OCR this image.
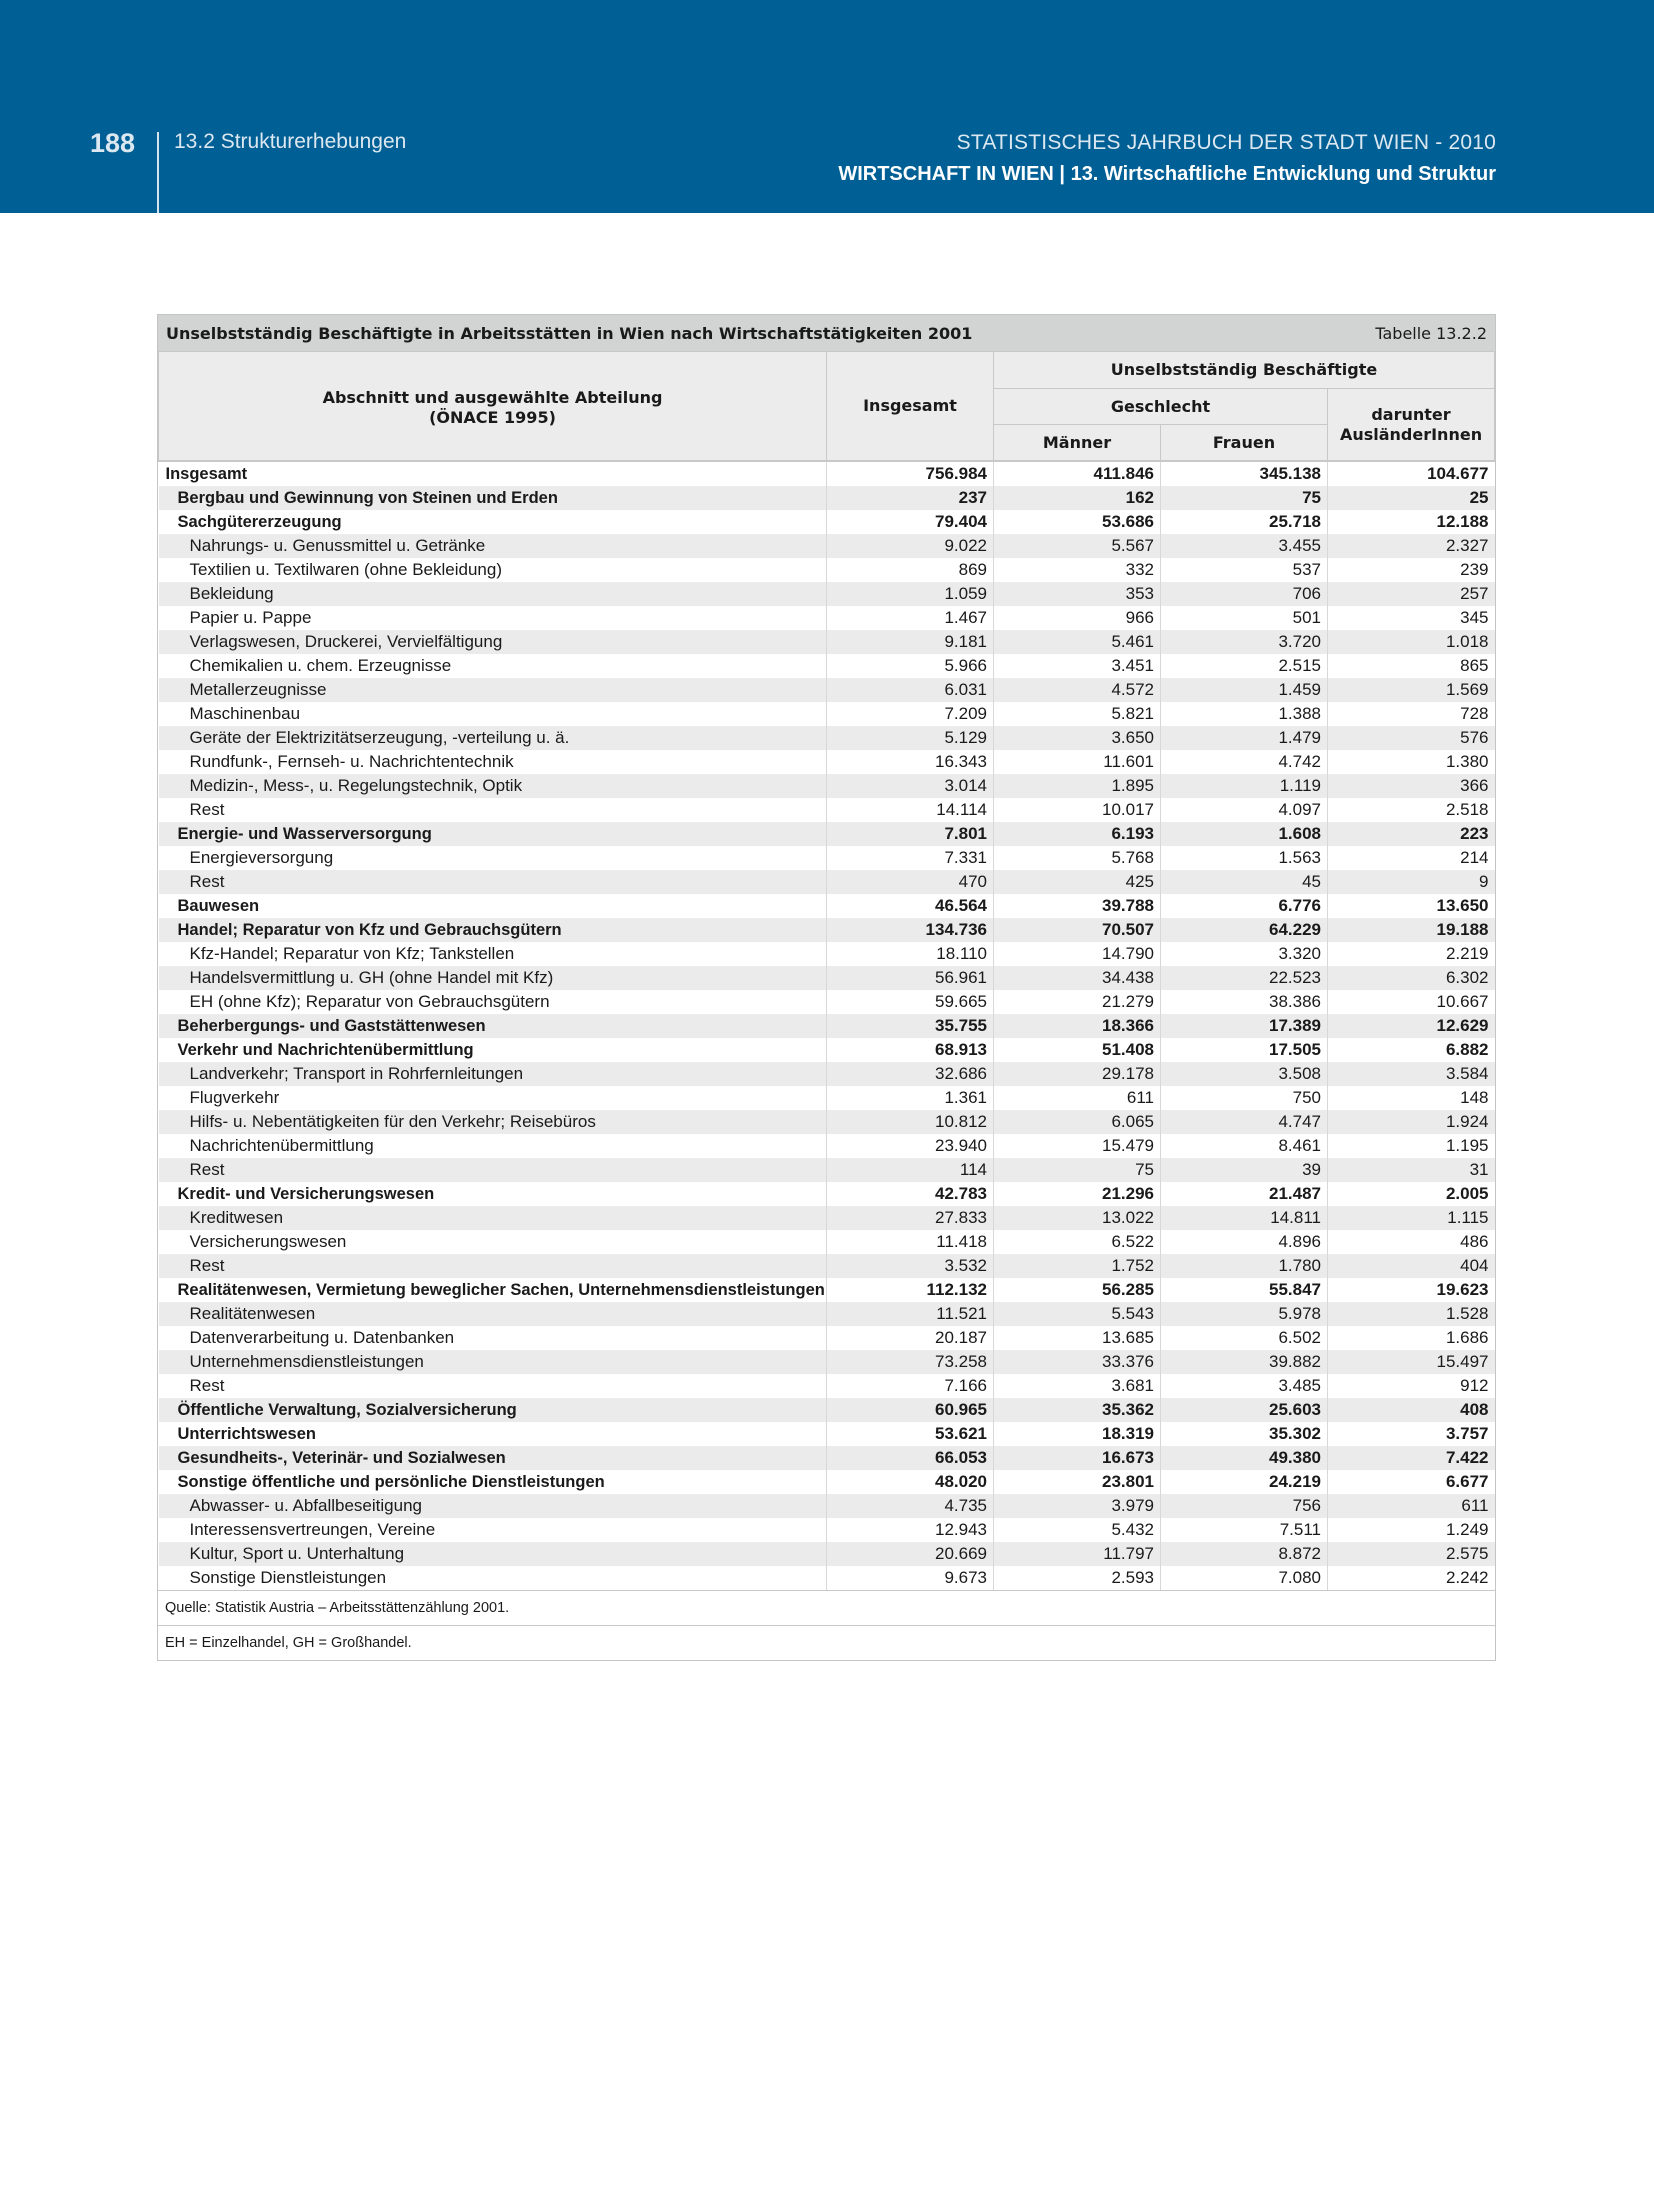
188 13.2 Strukturerhebungen	STATISTISCHES JAHRBUCH DER STADT WIEN - 2010
WIRTSCHAFT IN WIEN | 13. Wirtschaftliche Entwicklung und Struktur
Unselbstständig Beschäftigte in Arbeitsstätten in Wien nach Wirtschaftstätigkeiten 2001	Tabelle 13.2.2
Abschnitt und ausgewählte Abteilung
(ÖNACE 1995)	Insgesamt	Unselbstständig Beschäftigte		
		Geschlecht		darunter
AusländerInnen
		Männer	Frauen	
Insgesamt	756.984	411.846	345.138	104.677
Bergbau und Gewinnung von Steinen und Erden	237	162	75	25
Sachgütererzeugung	79.404	53.686	25.718	12.188
Nahrungs- u. Genussmittel u. Getränke	9.022	5.567	3.455	2.327
Textilien u. Textilwaren (ohne Bekleidung)	869	332	537	239
Bekleidung	1.059	353	706	257
Papier u. Pappe	1.467	966	501	345
Verlagswesen, Druckerei, Vervielfältigung	9.181	5.461	3.720	1.018
Chemikalien u. chem. Erzeugnisse	5.966	3.451	2.515	865
Metallerzeugnisse	6.031	4.572	1.459	1.569
Maschinenbau	7.209	5.821	1.388	728
Geräte der Elektrizitätserzeugung, -verteilung u. ä.	5.129	3.650	1.479	576
Rundfunk-, Fernseh- u. Nachrichtentechnik	16.343	11.601	4.742	1.380
Medizin-, Mess-, u. Regelungstechnik, Optik	3.014	1.895	1.119	366
Rest	14.114	10.017	4.097	2.518
Energie- und Wasserversorgung	7.801	6.193	1.608	223
Energieversorgung	7.331	5.768	1.563	214
Rest	470	425	45	9
Bauwesen	46.564	39.788	6.776	13.650
Handel; Reparatur von Kfz und Gebrauchsgütern	134.736	70.507	64.229	19.188
Kfz-Handel; Reparatur von Kfz; Tankstellen	18.110	14.790	3.320	2.219
Handelsvermittlung u. GH (ohne Handel mit Kfz)	56.961	34.438	22.523	6.302
EH (ohne Kfz); Reparatur von Gebrauchsgütern	59.665	21.279	38.386	10.667
Beherbergungs- und Gaststättenwesen	35.755	18.366	17.389	12.629
Verkehr und Nachrichtenübermittlung	68.913	51.408	17.505	6.882
Landverkehr; Transport in Rohrfernleitungen	32.686	29.178	3.508	3.584
Flugverkehr	1.361	611	750	148
Hilfs- u. Nebentätigkeiten für den Verkehr; Reisebüros	10.812	6.065	4.747	1.924
Nachrichtenübermittlung	23.940	15.479	8.461	1.195
Rest	114	75	39	31
Kredit- und Versicherungswesen	42.783	21.296	21.487	2.005
Kreditwesen	27.833	13.022	14.811	1.115
Versicherungswesen	11.418	6.522	4.896	486
Rest	3.532	1.752	1.780	404
Realitätenwesen, Vermietung beweglicher Sachen, Unternehmensdienstleistungen	112.132	56.285	55.847	19.623
Realitätenwesen	11.521	5.543	5.978	1.528
Datenverarbeitung u. Datenbanken	20.187	13.685	6.502	1.686
Unternehmensdienstleistungen	73.258	33.376	39.882	15.497
Rest	7.166	3.681	3.485	912
Öffentliche Verwaltung, Sozialversicherung	60.965	35.362	25.603	408
Unterrichtswesen	53.621	18.319	35.302	3.757
Gesundheits-, Veterinär- und Sozialwesen	66.053	16.673	49.380	7.422
Sonstige öffentliche und persönliche Dienstleistungen	48.020	23.801	24.219	6.677
Abwasser- u. Abfallbeseitigung	4.735	3.979	756	611
Interessensvertreungen, Vereine	12.943	5.432	7.511	1.249
Kultur, Sport u. Unterhaltung	20.669	11.797	8.872	2.575
Sonstige Dienstleistungen	9.673	2.593	7.080	2.242
Quelle: Statistik Austria – Arbeitsstättenzählung 2001.
EH = Einzelhandel, GH = Großhandel.
